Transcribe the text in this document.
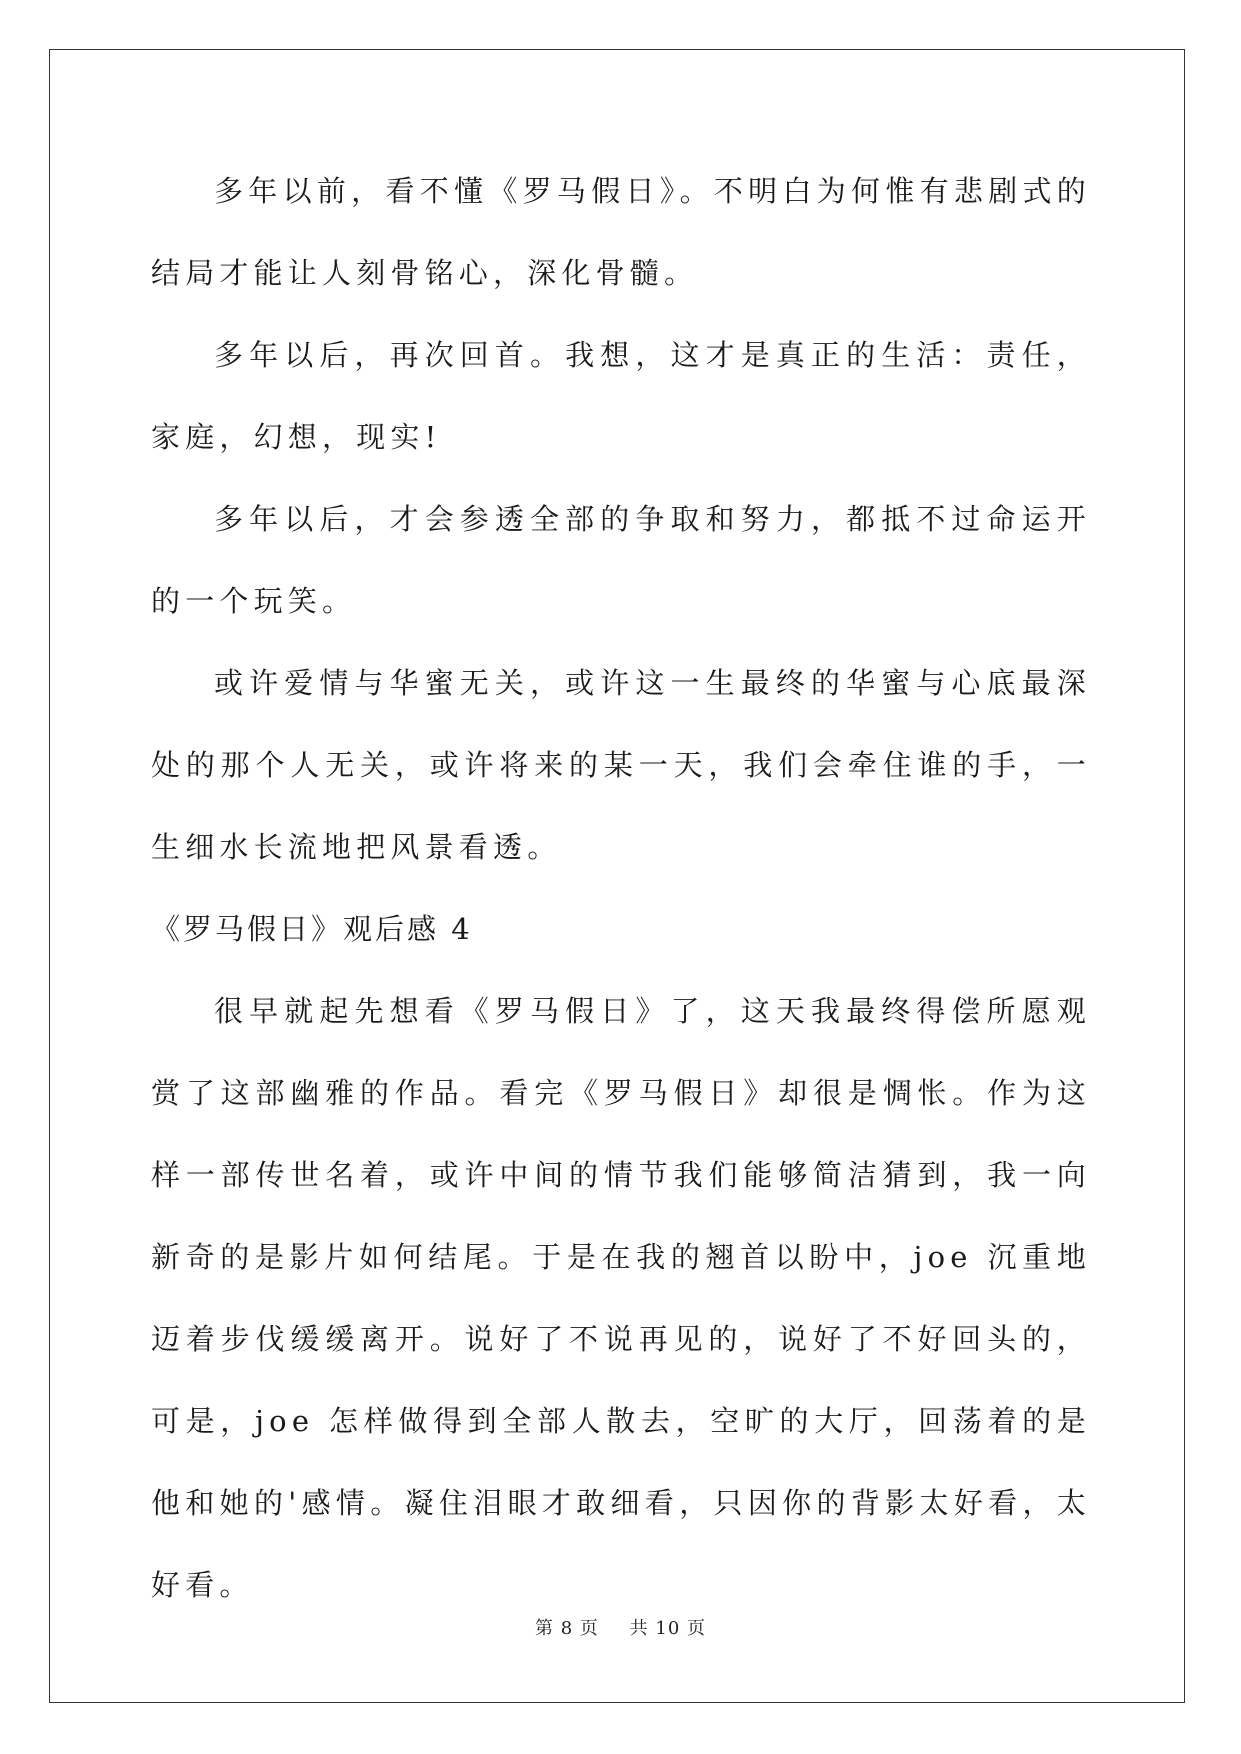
多年以前，看不懂《罗马假日》。不明白为何惟有悲剧式的结局才能让人刻骨铭心，深化骨髓。

多年以后，再次回首。我想，这才是真正的生活：责任，家庭，幻想，现实!

多年以后，才会参透全部的争取和努力，都抵不过命运开的一个玩笑。

或许爱情与华蜜无关，或许这一生最终的华蜜与心底最深处的那个人无关，或许将来的某一天，我们会牵住谁的手，一生细水长流地把风景看透。

《罗马假日》观后感 4

很早就起先想看《罗马假日》了，这天我最终得偿所愿观赏了这部幽雅的作品。看完《罗马假日》却很是惆怅。作为这样一部传世名着，或许中间的情节我们能够简洁猜到，我一向新奇的是影片如何结尾。于是在我的翘首以盼中，joe 沉重地迈着步伐缓缓离开。说好了不说再见的，说好了不好回头的，可是，joe 怎样做得到全部人散去，空旷的大厅，回荡着的是他和她的'感情。凝住泪眼才敢细看，只因你的背影太好看，太好看。

第 8 页 共 10 页
